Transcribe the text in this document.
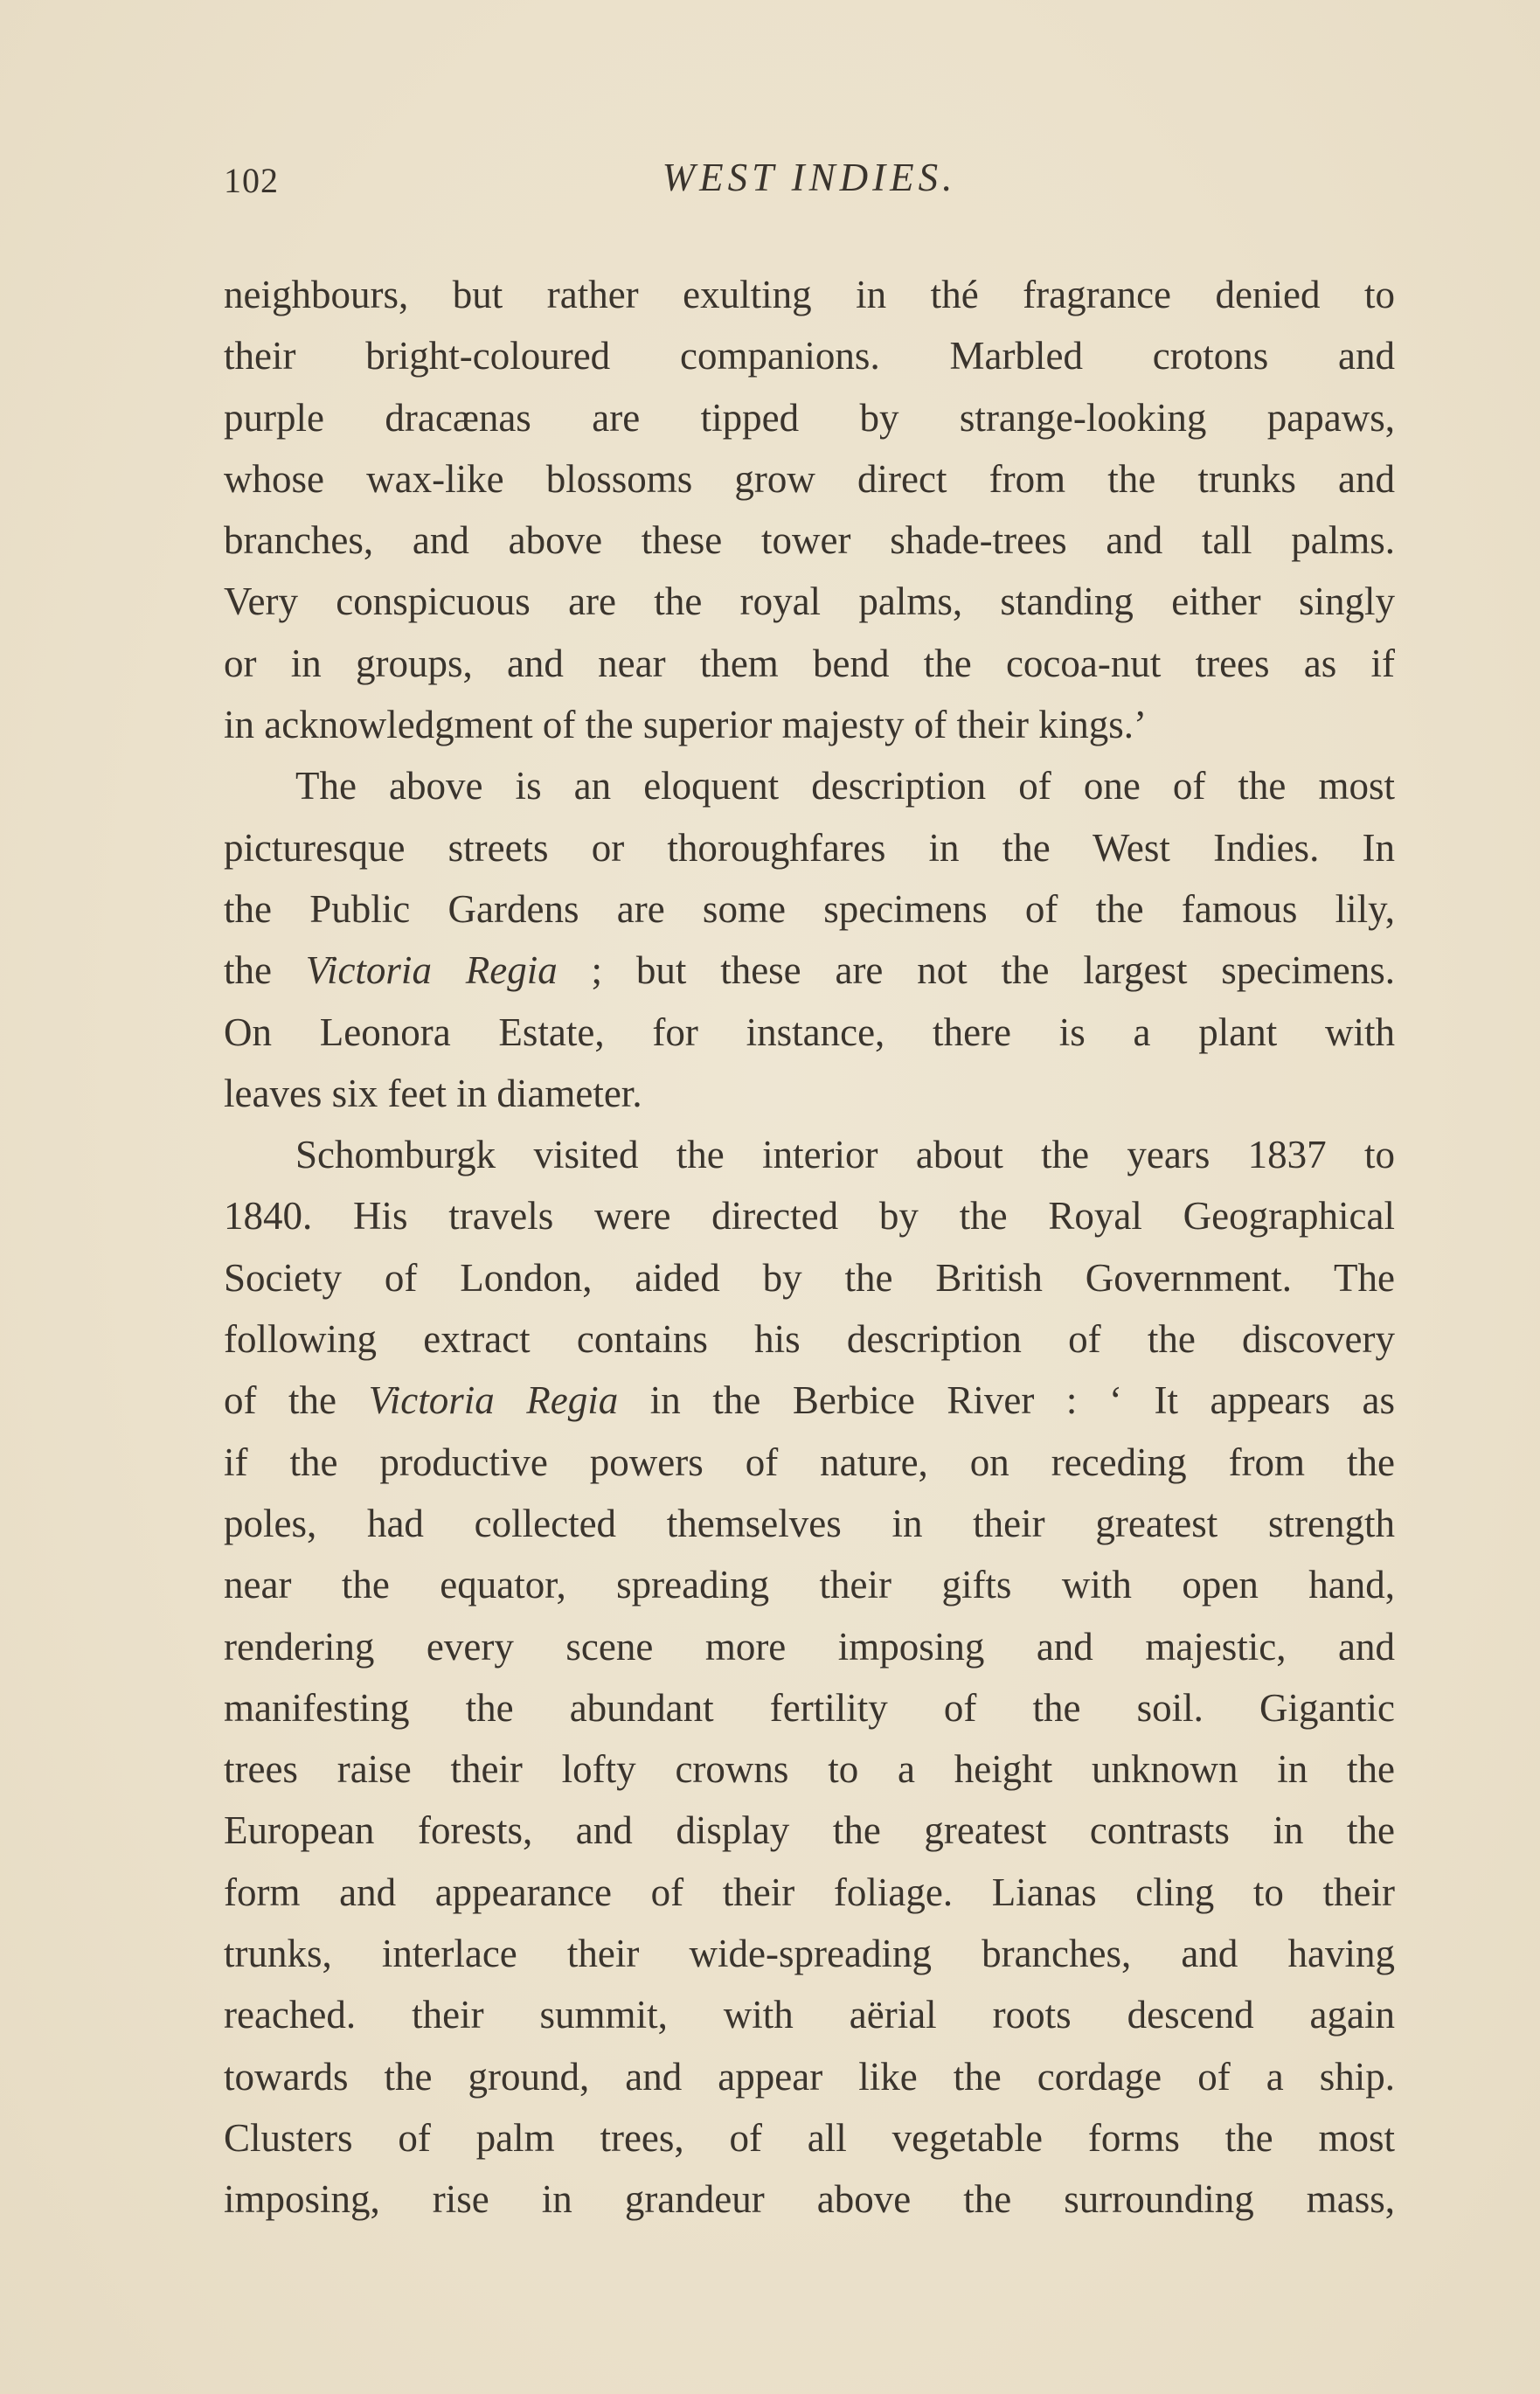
102	WEST INDIES.
neighbours, but rather exulting in thé fragrance denied to
their bright-coloured companions. Marbled crotons and
purple dracænas are tipped by strange-looking papaws,
whose wax-like blossoms grow direct from the trunks and
branches, and above these tower shade-trees and tall palms.
Very conspicuous are the royal palms, standing either singly
or in groups, and near them bend the cocoa-nut trees as if
in acknowledgment of the superior majesty of their kings.’
The above is an eloquent description of one of the most
picturesque streets or thoroughfares in the West Indies. In
the Public Gardens are some specimens of the famous lily,
the Victoria Regia ; but these are not the largest specimens.
On Leonora Estate, for instance, there is a plant with
leaves six feet in diameter.
Schomburgk visited the interior about the years 1837 to
1840. His travels were directed by the Royal Geographical
Society of London, aided by the British Government. The
following extract contains his description of the discovery
of the Victoria Regia in the Berbice River : ‘ It appears as
if the productive powers of nature, on receding from the
poles, had collected themselves in their greatest strength
near the equator, spreading their gifts with open hand,
rendering every scene more imposing and majestic, and
manifesting the abundant fertility of the soil. Gigantic
trees raise their lofty crowns to a height unknown in the
European forests, and display the greatest contrasts in the
form and appearance of their foliage. Lianas cling to their
trunks, interlace their wide-spreading branches, and having
reached. their summit, with aërial roots descend again
towards the ground, and appear like the cordage of a ship.
Clusters of palm trees, of all vegetable forms the most
imposing, rise in grandeur above the surrounding mass,
